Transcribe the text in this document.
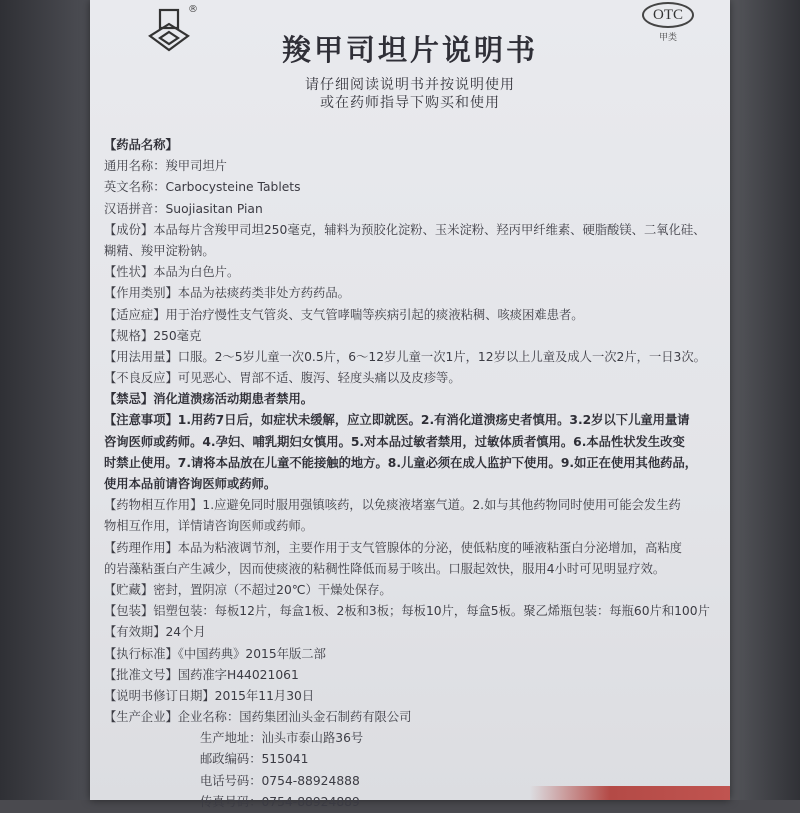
®	OTC
甲类
羧甲司坦片说明书
请仔细阅读说明书并按说明使用
或在药师指导下购买和使用
【药品名称】
通用名称：羧甲司坦片
英文名称：Carbocysteine Tablets
汉语拼音：Suojiasitan Pian
【成份】本品每片含羧甲司坦250毫克，辅料为预胶化淀粉、玉米淀粉、羟丙甲纤维素、硬脂酸镁、二氧化硅、
糊精、羧甲淀粉钠。
【性状】本品为白色片。
【作用类别】本品为祛痰药类非处方药药品。
【适应症】用于治疗慢性支气管炎、支气管哮喘等疾病引起的痰液粘稠、咳痰困难患者。
【规格】250毫克
【用法用量】口服。2～5岁儿童一次0.5片，6～12岁儿童一次1片，12岁以上儿童及成人一次2片，一日3次。
【不良反应】可见恶心、胃部不适、腹泻、轻度头痛以及皮疹等。
【禁忌】消化道溃疡活动期患者禁用。
【注意事项】1.用药7日后，如症状未缓解，应立即就医。2.有消化道溃疡史者慎用。3.2岁以下儿童用量请
咨询医师或药师。4.孕妇、哺乳期妇女慎用。5.对本品过敏者禁用，过敏体质者慎用。6.本品性状发生改变
时禁止使用。7.请将本品放在儿童不能接触的地方。8.儿童必须在成人监护下使用。9.如正在使用其他药品，
使用本品前请咨询医师或药师。
【药物相互作用】1.应避免同时服用强镇咳药，以免痰液堵塞气道。2.如与其他药物同时使用可能会发生药
物相互作用，详情请咨询医师或药师。
【药理作用】本品为粘液调节剂，主要作用于支气管腺体的分泌，使低粘度的唾液粘蛋白分泌增加，高粘度
的岩藻粘蛋白产生减少，因而使痰液的粘稠性降低而易于咳出。口服起效快，服用4小时可见明显疗效。
【贮藏】密封，置阴凉（不超过20℃）干燥处保存。
【包装】铝塑包装：每板12片，每盒1板、2板和3板；每板10片，每盒5板。聚乙烯瓶包装：每瓶60片和100片
【有效期】24个月
【执行标准】《中国药典》2015年版二部
【批准文号】国药准字H44021061
【说明书修订日期】2015年11月30日
【生产企业】企业名称：国药集团汕头金石制药有限公司
生产地址：汕头市泰山路36号
邮政编码：515041
电话号码：0754-88924888
传真号码：0754-88924889
